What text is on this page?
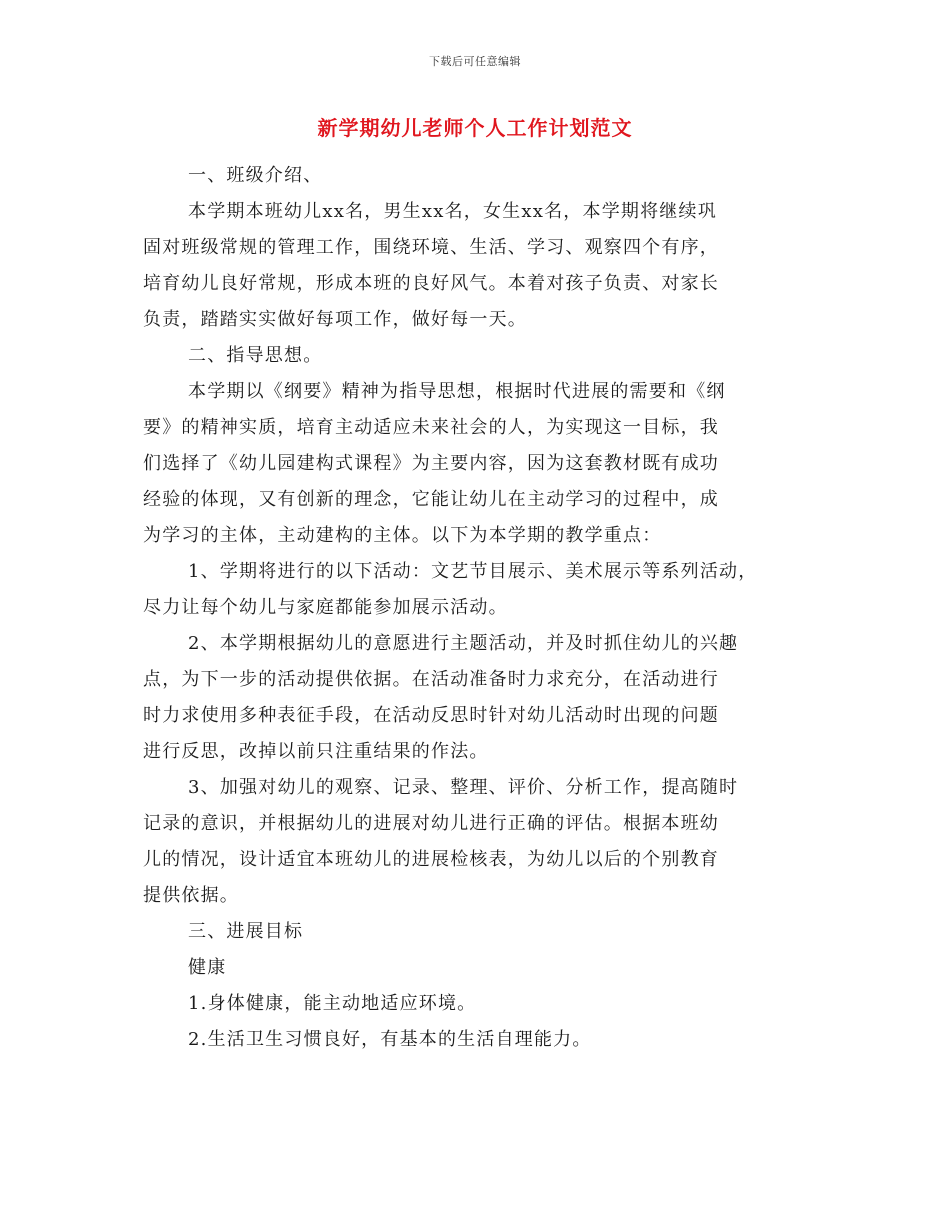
下载后可任意编辑
新学期幼儿老师个人工作计划范文

一、班级介绍、

本学期本班幼儿xx名，男生xx名，女生xx名，本学期将继续巩

固对班级常规的管理工作，围绕环境、生活、学习、观察四个有序，

培育幼儿良好常规，形成本班的良好风气。本着对孩子负责、对家长

负责，踏踏实实做好每项工作，做好每一天。

二、指导思想。

本学期以《纲要》精神为指导思想，根据时代进展的需要和《纲

要》的精神实质，培育主动适应未来社会的人，为实现这一目标，我

们选择了《幼儿园建构式课程》为主要内容，因为这套教材既有成功

经验的体现，又有创新的理念，它能让幼儿在主动学习的过程中，成

为学习的主体，主动建构的主体。以下为本学期的教学重点：

1、学期将进行的以下活动：文艺节目展示、美术展示等系列活动，

尽力让每个幼儿与家庭都能参加展示活动。

2、本学期根据幼儿的意愿进行主题活动，并及时抓住幼儿的兴趣

点，为下一步的活动提供依据。在活动准备时力求充分，在活动进行

时力求使用多种表征手段，在活动反思时针对幼儿活动时出现的问题

进行反思，改掉以前只注重结果的作法。

3、加强对幼儿的观察、记录、整理、评价、分析工作，提高随时

记录的意识，并根据幼儿的进展对幼儿进行正确的评估。根据本班幼

儿的情况，设计适宜本班幼儿的进展检核表，为幼儿以后的个别教育

提供依据。

三、进展目标

健康

1.身体健康，能主动地适应环境。

2.生活卫生习惯良好，有基本的生活自理能力。
